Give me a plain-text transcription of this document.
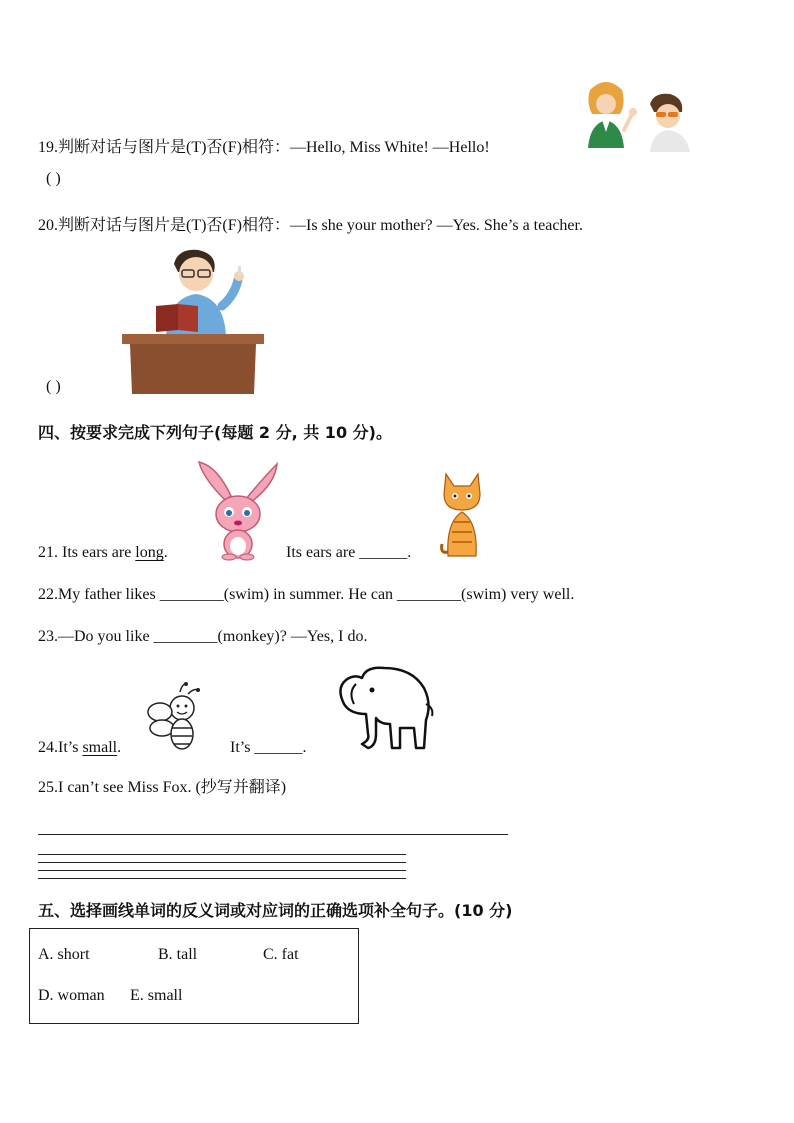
19.判断对话与图片是(T)否(F)相符：—Hello, Miss White! —Hello!
( )
20.判断对话与图片是(T)否(F)相符：—Is she your mother? —Yes. She’s a teacher.
( )
四、按要求完成下列句子(每题 2 分, 共 10 分)。
21. Its ears are long.	Its ears are ______.
22.My father likes ________(swim) in summer. He can ________(swim) very well.
23.—Do you like ________(monkey)? —Yes, I do.
24.It’s small.	It’s ______.
25.I can’t see Miss Fox. (抄写并翻译)
五、选择画线单词的反义词或对应词的正确选项补全句子。(10 分)
A. short	B. tall	C. fat
D. woman E. small
